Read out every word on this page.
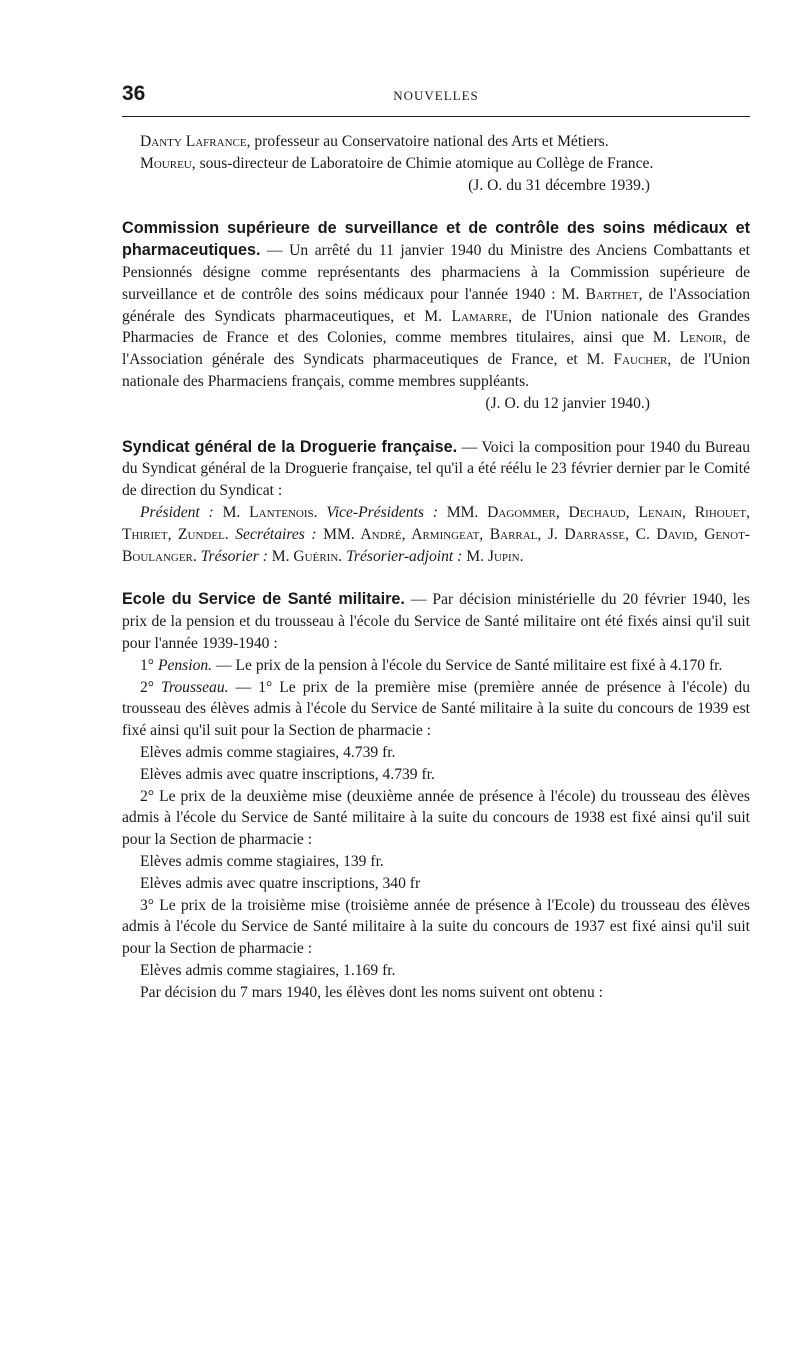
36	NOUVELLES

Danty Lafrance, professeur au Conservatoire national des Arts et Métiers.

Moureu, sous-directeur de Laboratoire de Chimie atomique au Collège de France.

(J. O. du 31 décembre 1939.)

Commission supérieure de surveillance et de contrôle des soins médicaux et pharmaceutiques. — Un arrêté du 11 janvier 1940 du Ministre des Anciens Combattants et Pensionnés désigne comme représentants des pharmaciens à la Commission supérieure de surveillance et de contrôle des soins médicaux pour l'année 1940 : M. Barthet, de l'Association générale des Syndicats pharmaceutiques, et M. Lamarre, de l'Union nationale des Grandes Pharmacies de France et des Colonies, comme membres titulaires, ainsi que M. Lenoir, de l'Association générale des Syndicats pharmaceutiques de France, et M. Faucher, de l'Union nationale des Pharmaciens français, comme membres suppléants.

(J. O. du 12 janvier 1940.)

Syndicat général de la Droguerie française. — Voici la composition pour 1940 du Bureau du Syndicat général de la Droguerie française, tel qu'il a été réélu le 23 février dernier par le Comité de direction du Syndicat :

Président : M. Lantenois. Vice-Présidents : MM. Dagommer, Dechaud, Lenain, Rihouet, Thiriet, Zundel. Secrétaires : MM. André, Armingeat, Barral, J. Darrasse, C. David, Genot-Boulanger. Trésorier : M. Guérin. Trésorier-adjoint : M. Jupin.

Ecole du Service de Santé militaire. — Par décision ministérielle du 20 février 1940, les prix de la pension et du trousseau à l'école du Service de Santé militaire ont été fixés ainsi qu'il suit pour l'année 1939-1940 :

1° Pension. — Le prix de la pension à l'école du Service de Santé militaire est fixé à 4.170 fr.

2° Trousseau. — 1° Le prix de la première mise (première année de présence à l'école) du trousseau des élèves admis à l'école du Service de Santé militaire à la suite du concours de 1939 est fixé ainsi qu'il suit pour la Section de pharmacie :

Elèves admis comme stagiaires, 4.739 fr.

Elèves admis avec quatre inscriptions, 4.739 fr.

2° Le prix de la deuxième mise (deuxième année de présence à l'école) du trousseau des élèves admis à l'école du Service de Santé militaire à la suite du concours de 1938 est fixé ainsi qu'il suit pour la Section de pharmacie :

Elèves admis comme stagiaires, 139 fr.

Elèves admis avec quatre inscriptions, 340 fr

3° Le prix de la troisième mise (troisième année de présence à l'Ecole) du trousseau des élèves admis à l'école du Service de Santé militaire à la suite du concours de 1937 est fixé ainsi qu'il suit pour la Section de pharmacie :

Elèves admis comme stagiaires, 1.169 fr.

Par décision du 7 mars 1940, les élèves dont les noms suivent ont obtenu :
